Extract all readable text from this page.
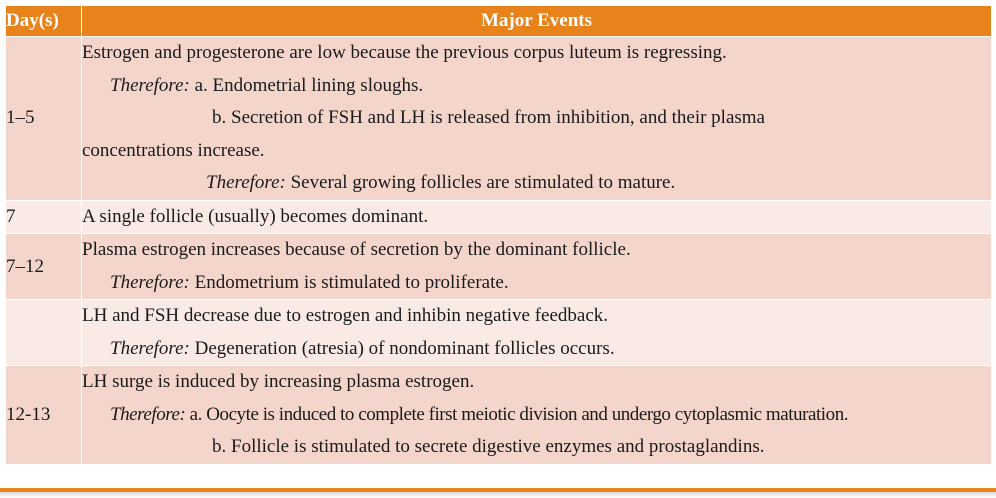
Day(s)	Major Events
1–5	Estrogen and progesterone are low because the previous corpus luteum is regressing.
Therefore: a. Endometrial lining sloughs.
b. Secretion of FSH and LH is released from inhibition, and their plasma
concentrations increase.
Therefore: Several growing follicles are stimulated to mature.

7	A single follicle (usually) becomes dominant.

7–12	Plasma estrogen increases because of secretion by the dominant follicle.
Therefore: Endometrium is stimulated to proliferate.

	LH and FSH decrease due to estrogen and inhibin negative feedback.
Therefore: Degeneration (atresia) of nondominant follicles occurs.

12-13	LH surge is induced by increasing plasma estrogen.
Therefore: a. Oocyte is induced to complete first meiotic division and undergo cytoplasmic maturation.
b. Follicle is stimulated to secrete digestive enzymes and prostaglandins.
